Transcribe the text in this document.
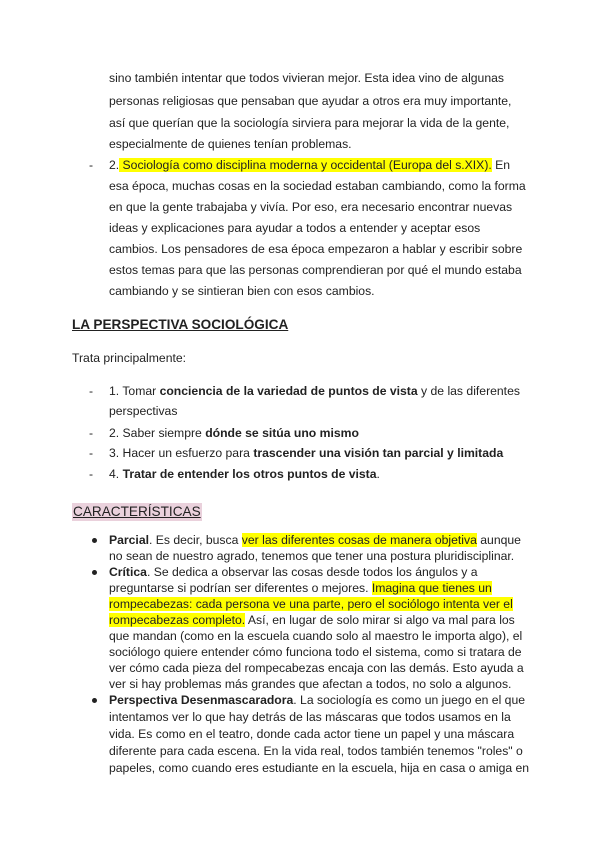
sino también intentar que todos vivieran mejor. Esta idea vino de algunas
personas religiosas que pensaban que ayudar a otros era muy importante,
así que querían que la sociología sirviera para mejorar la vida de la gente,
especialmente de quienes tenían problemas.
- 2. Sociología como disciplina moderna y occidental (Europa del s.XIX). En
esa época, muchas cosas en la sociedad estaban cambiando, como la forma
en que la gente trabajaba y vivía. Por eso, era necesario encontrar nuevas
ideas y explicaciones para ayudar a todos a entender y aceptar esos
cambios. Los pensadores de esa época empezaron a hablar y escribir sobre
estos temas para que las personas comprendieran por qué el mundo estaba
cambiando y se sintieran bien con esos cambios.
LA PERSPECTIVA SOCIOLÓGICA
Trata principalmente:
- 1. Tomar conciencia de la variedad de puntos de vista y de las diferentes
perspectivas
- 2. Saber siempre dónde se sitúa uno mismo
- 3. Hacer un esfuerzo para trascender una visión tan parcial y limitada
- 4. Tratar de entender los otros puntos de vista.
CARACTERÍSTICAS
Parcial. Es decir, busca ver las diferentes cosas de manera objetiva aunque
no sean de nuestro agrado, tenemos que tener una postura pluridisciplinar.
Crítica. Se dedica a observar las cosas desde todos los ángulos y a
preguntarse si podrían ser diferentes o mejores. Imagina que tienes un
rompecabezas: cada persona ve una parte, pero el sociólogo intenta ver el
rompecabezas completo. Así, en lugar de solo mirar si algo va mal para los
que mandan (como en la escuela cuando solo al maestro le importa algo), el
sociólogo quiere entender cómo funciona todo el sistema, como si tratara de
ver cómo cada pieza del rompecabezas encaja con las demás. Esto ayuda a
ver si hay problemas más grandes que afectan a todos, no solo a algunos.
Perspectiva Desenmascaradora. La sociología es como un juego en el que
intentamos ver lo que hay detrás de las máscaras que todos usamos en la
vida. Es como en el teatro, donde cada actor tiene un papel y una máscara
diferente para cada escena. En la vida real, todos también tenemos "roles" o
papeles, como cuando eres estudiante en la escuela, hija en casa o amiga en
